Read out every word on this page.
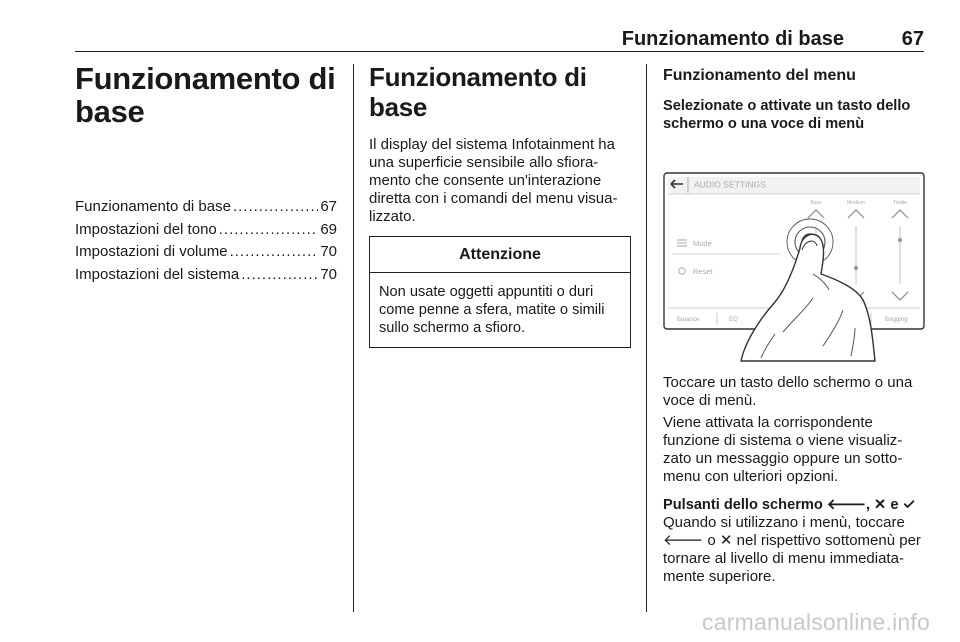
Funzionamento di base	67
Funzionamento di
base
Funzionamento di base .....	67
Impostazioni del tono .....	69
Impostazioni di volume .....	70
Impostazioni del sistema .....	70
Funzionamento di base

Il display del sistema Infotainment ha
una superficie sensibile allo sfiora-
mento che consente un'interazione
diretta con i comandi del menu visua-
lizzato.

Attenzione
Non usate oggetti appuntiti o duri
come penne a sfera, matite o simili
sullo schermo a sfioro.
Funzionamento del menu
Selezionate o attivate un tasto dello
schermo o una voce di menù
AUDIO SETTINGS
Bass	Medium	Treble
Mode
Reset
Balance	EQ	Bagging

Toccare un tasto dello schermo o una
voce di menù.

Viene attivata la corrispondente
funzione di sistema o viene visualiz-
zato un messaggio oppure un sotto-
menu con ulteriori opzioni.

Pulsanti dello schermo 🡐, ✕ e ✓

Quando si utilizzano i menù, toccare
🡐 o ✕ nel rispettivo sottomenù per
tornare al livello di menu immediata-
mente superiore.

carmanualsonline.info
